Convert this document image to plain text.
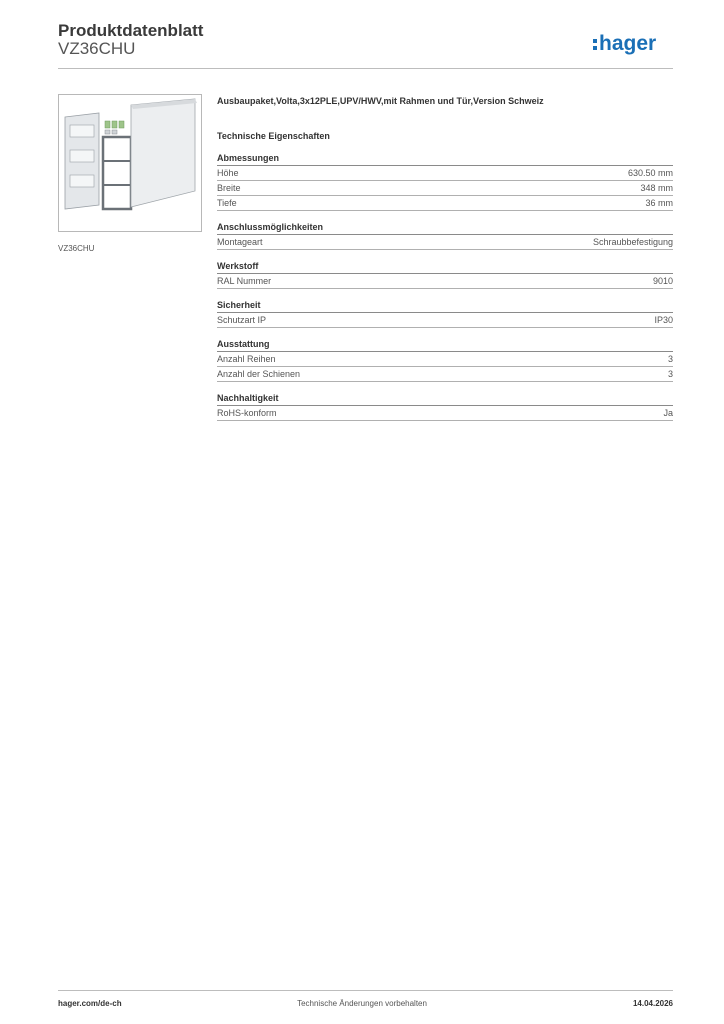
Produktdatenblatt
VZ36CHU	hager
VZ36CHU
Ausbaupaket,Volta,3x12PLE,UPV/HWV,mit Rahmen und Tür,Version Schweiz
Technische Eigenschaften
Abmessungen
Höhe	630.50 mm
Breite	348 mm
Tiefe	36 mm
Anschlussmöglichkeiten
Montageart	Schraubbefestigung
Werkstoff
RAL Nummer	9010
Sicherheit
Schutzart IP	IP30
Ausstattung
Anzahl Reihen	3
Anzahl der Schienen	3
Nachhaltigkeit
RoHS-konform	Ja
hager.com/de-ch	Technische Änderungen vorbehalten	14.04.2026
